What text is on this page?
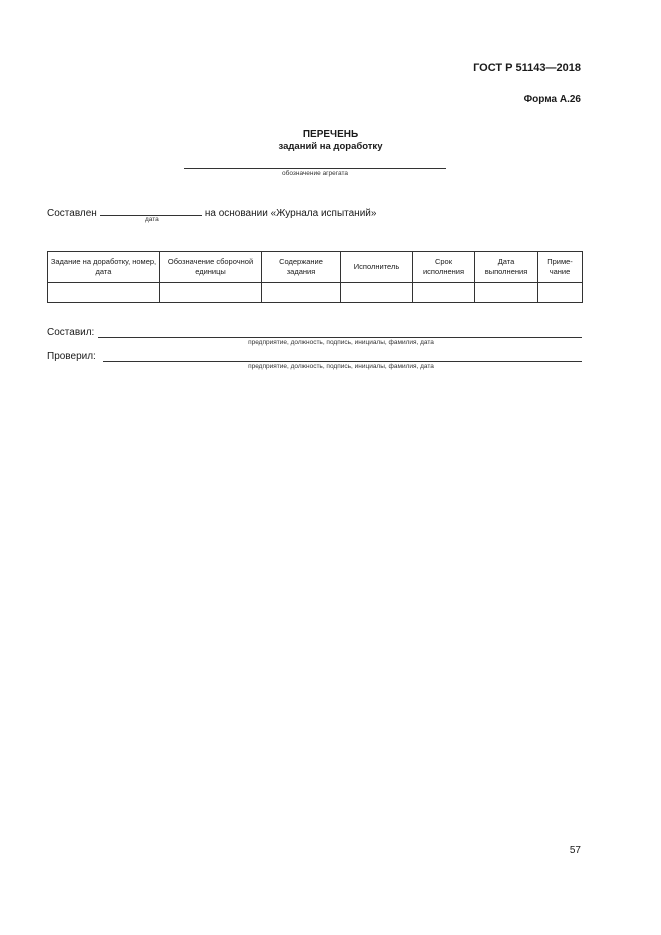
ГОСТ Р 51143—2018
Форма А.26
ПЕРЕЧЕНЬ
заданий на доработку
обозначение агрегата
Составлен	на основании «Журнала испытаний»
дата
Задание на доработку, номер, дата	Обозначение сборочной единицы	Содержание задания	Исполнитель	Срок исполнения	Дата выполнения	Приме- чание

Составил:
предприятие, должность, подпись, инициалы, фамилия, дата
Проверил:
предприятие, должность, подпись, инициалы, фамилия, дата
57
